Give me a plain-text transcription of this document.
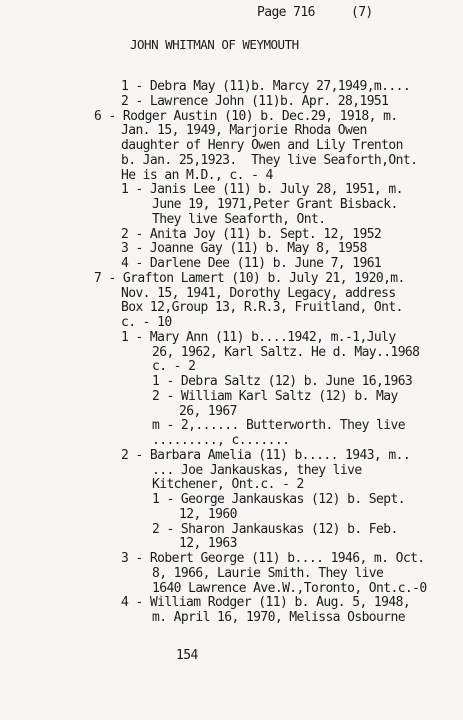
Page 716	(7)
JOHN WHITMAN OF WEYMOUTH
1 - Debra May (11)b. Marcy 27,1949,m....
2 - Lawrence John (11)b. Apr. 28,1951
6 - Rodger Austin (10) b. Dec.29, 1918, m.
Jan. 15, 1949, Marjorie Rhoda Owen
daughter of Henry Owen and Lily Trenton
b. Jan. 25,1923.  They live Seaforth,Ont.
He is an M.D., c. - 4
1 - Janis Lee (11) b. July 28, 1951, m.
June 19, 1971,Peter Grant Bisback.
They live Seaforth, Ont.
2 - Anita Joy (11) b. Sept. 12, 1952
3 - Joanne Gay (11) b. May 8, 1958
4 - Darlene Dee (11) b. June 7, 1961
7 - Grafton Lamert (10) b. July 21, 1920,m.
Nov. 15, 1941, Dorothy Legacy, address
Box 12,Group 13, R.R.3, Fruitland, Ont.
c. - 10
1 - Mary Ann (11) b....1942, m.-1,July
26, 1962, Karl Saltz. He d. May..1968
c. - 2
1 - Debra Saltz (12) b. June 16,1963
2 - William Karl Saltz (12) b. May
26, 1967
m - 2,...... Butterworth. They live
........., c.......
2 - Barbara Amelia (11) b..... 1943, m..
... Joe Jankauskas, they live
Kitchener, Ont.c. - 2
1 - George Jankauskas (12) b. Sept.
12, 1960
2 - Sharon Jankauskas (12) b. Feb.
12, 1963
3 - Robert George (11) b.... 1946, m. Oct.
8, 1966, Laurie Smith. They live
1640 Lawrence Ave.W.,Toronto, Ont.c.-0
4 - William Rodger (11) b. Aug. 5, 1948,
m. April 16, 1970, Melissa Osbourne
154
